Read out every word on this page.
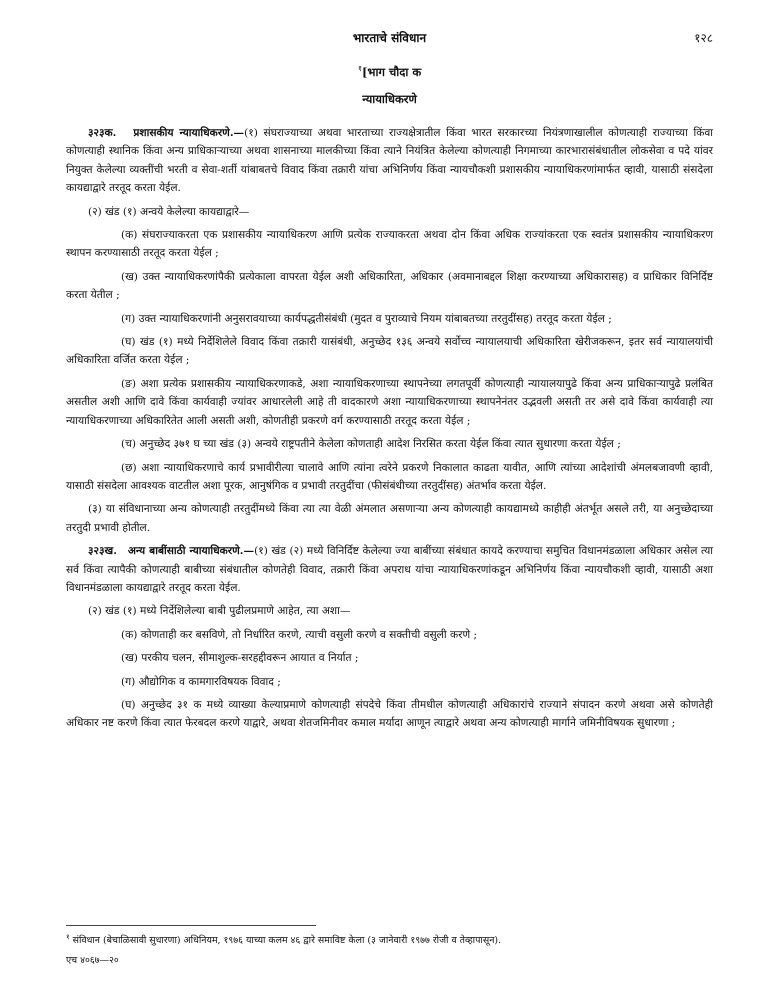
भारताचे संविधान	१२८
$^१$[भाग चौदा क
न्यायाधिकरणे

३२३क. प्रशासकीय न्यायाधिकरणे.—(१) संघराज्याच्या अथवा भारताच्या राज्यक्षेत्रातील किंवा भारत सरकारच्या नियंत्रणाखालील कोणत्याही राज्याच्या किंवा कोणत्याही स्थानिक किंवा अन्य प्राधिकाऱ्याच्या अथवा शासनाच्या मालकीच्या किंवा त्याने नियंत्रित केलेल्या कोणत्याही निगमाच्या कारभारासंबंधातील लोकसेवा व पदे यांवर नियुक्त केलेल्या व्यक्तींची भरती व सेवा-शर्ती यांबाबतचे विवाद किंवा तक्रारी यांचा अभिनिर्णय किंवा न्यायचौकशी प्रशासकीय न्यायाधिकरणांमार्फत व्हावी, यासाठी संसदेला कायद्याद्वारे तरतूद करता येईल.

(२) खंड (१) अन्वये केलेल्या कायद्याद्वारे—

(क) संघराज्याकरता एक प्रशासकीय न्यायाधिकरण आणि प्रत्येक राज्याकरता अथवा दोन किंवा अधिक राज्यांकरता एक स्वतंत्र प्रशासकीय न्यायाधिकरण स्थापन करण्यासाठी तरतूद करता येईल ;

(ख) उक्त न्यायाधिकरणांपैकी प्रत्येकाला वापरता येईल अशी अधिकारिता, अधिकार (अवमानाबद्दल शिक्षा करण्याच्या अधिकारासह) व प्राधिकार विनिर्दिष्ट करता येतील ;

(ग) उक्त न्यायाधिकरणांनी अनुसरावयाच्या कार्यपद्धतीसंबंधी (मुदत व पुराव्याचे नियम यांबाबतच्या तरतुदींसह) तरतूद करता येईल ;

(घ) खंड (१) मध्ये निर्देशिलेले विवाद किंवा तक्रारी यासंबंधी, अनुच्छेद १३६ अन्वये सर्वोच्च न्यायालयाची अधिकारिता खेरीजकरून, इतर सर्व न्यायालयांची अधिकारिता वर्जित करता येईल ;

(ङ) अशा प्रत्येक प्रशासकीय न्यायाधिकरणाकडे, अशा न्यायाधिकरणाच्या स्थापनेच्या लगतपूर्वी कोणत्याही न्यायालयापुढे किंवा अन्य प्राधिकाऱ्यापुढे प्रलंबित असतील अशी आणि दावे किंवा कार्यवाही ज्यांवर आधारलेली आहे ती वादकारणे अशा न्यायाधिकरणाच्या स्थापनेनंतर उद्भवली असती तर असे दावे किंवा कार्यवाही त्या न्यायाधिकरणाच्या अधिकारितेत आली असती अशी, कोणतीही प्रकरणे वर्ग करण्यासाठी तरतूद करता येईल ;

(च) अनुच्छेद ३७१ घ च्या खंड (३) अन्वये राष्ट्रपतीने केलेला कोणताही आदेश निरसित करता येईल किंवा त्यात सुधारणा करता येईल ;

(छ) अशा न्यायाधिकरणाचे कार्य प्रभावीरीत्या चालावे आणि त्यांना त्वरेने प्रकरणे निकालात काढता यावीत, आणि त्यांच्या आदेशांची अंमलबजावणी व्हावी, यासाठी संसदेला आवश्यक वाटतील अशा पूरक, आनुषंगिक व प्रभावी तरतुदींचा (फीसंबंधीच्या तरतुदींसह) अंतर्भाव करता येईल.

(३) या संविधानाच्या अन्य कोणत्याही तरतुदींमध्ये किंवा त्या त्या वेळी अंमलात असणाऱ्या अन्य कोणत्याही कायद्यामध्ये काहीही अंतर्भूत असले तरी, या अनुच्छेदाच्या तरतुदी प्रभावी होतील.

३२३ख. अन्य बाबींसाठी न्यायाधिकरणे.—(१) खंड (२) मध्ये विनिर्दिष्ट केलेल्या ज्या बाबींच्या संबंधात कायदे करण्याचा समुचित विधानमंडळाला अधिकार असेल त्या सर्व किंवा त्यापैकी कोणत्याही बाबीच्या संबंधातील कोणतेही विवाद, तक्रारी किंवा अपराध यांचा न्यायाधिकरणांकडून अभिनिर्णय किंवा न्यायचौकशी व्हावी, यासाठी अशा विधानमंडळाला कायद्याद्वारे तरतूद करता येईल.

(२) खंड (१) मध्ये निर्देशिलेल्या बाबी पुढीलप्रमाणे आहेत, त्या अशा—

(क) कोणताही कर बसविणे, तो निर्धारित करणे, त्याची वसुली करणे व सक्तीची वसुली करणे ;

(ख) परकीय चलन, सीमाशुल्क-सरहद्दीवरून आयात व निर्यात ;

(ग) औद्योगिक व कामगारविषयक विवाद ;

(घ) अनुच्छेद ३१ क मध्ये व्याख्या केल्याप्रमाणे कोणत्याही संपदेचे किंवा तीमधील कोणत्याही अधिकारांचे राज्याने संपादन करणे अथवा असे कोणतेही अधिकार नष्ट करणे किंवा त्यात फेरबदल करणे याद्वारे, अथवा शेतजमिनीवर कमाल मर्यादा आणून त्याद्वारे अथवा अन्य कोणत्याही मार्गाने जमिनीविषयक सुधारणा ;

$^१$ संविधान (बेचाळिसावी सुधारणा) अधिनियम, १९७६ याच्या कलम ४६ द्वारे समाविष्ट केला (३ जानेवारी १९७७ रोजी व तेव्हापासून).
एच ४०६७—२०
